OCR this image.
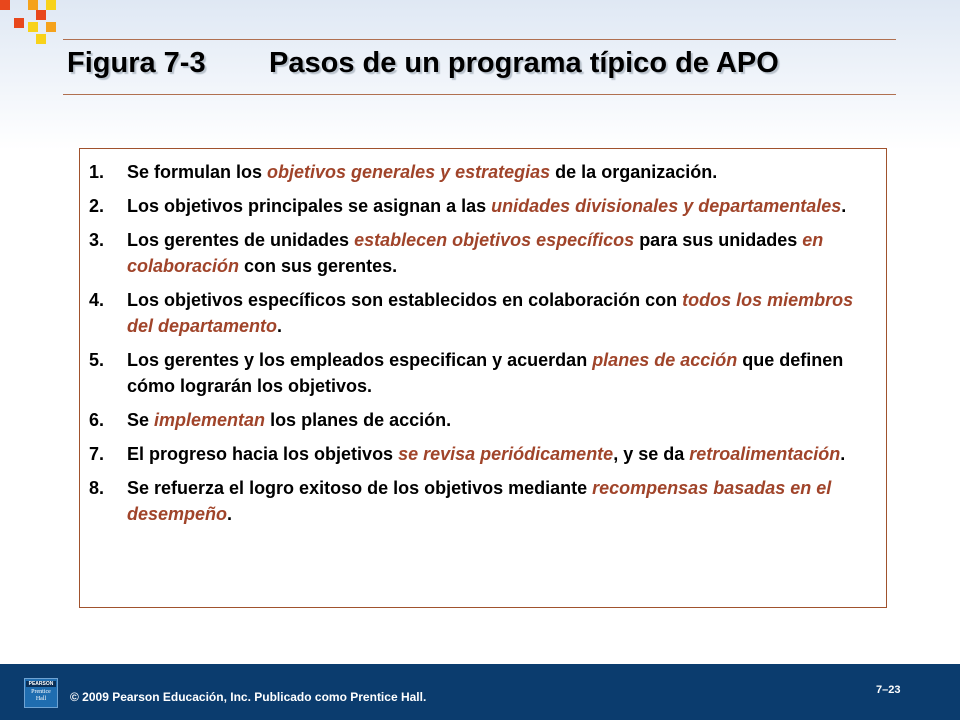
Figura 7-3 Pasos de un programa típico de APO
1. Se formulan los objetivos generales y estrategias de la organización.
2. Los objetivos principales se asignan a las unidades divisionales y departamentales.
3. Los gerentes de unidades establecen objetivos específicos para sus unidades en colaboración con sus gerentes.
4. Los objetivos específicos son establecidos en colaboración con todos los miembros del departamento.
5. Los gerentes y los empleados especifican y acuerdan planes de acción que definen cómo lograrán los objetivos.
6. Se implementan los planes de acción.
7. El progreso hacia los objetivos se revisa periódicamente, y se da retroalimentación.
8. Se refuerza el logro exitoso de los objetivos mediante recompensas basadas en el desempeño.
PEARSON
Prentice
Hall	© 2009 Pearson Educación, Inc. Publicado como Prentice Hall.	7–23
